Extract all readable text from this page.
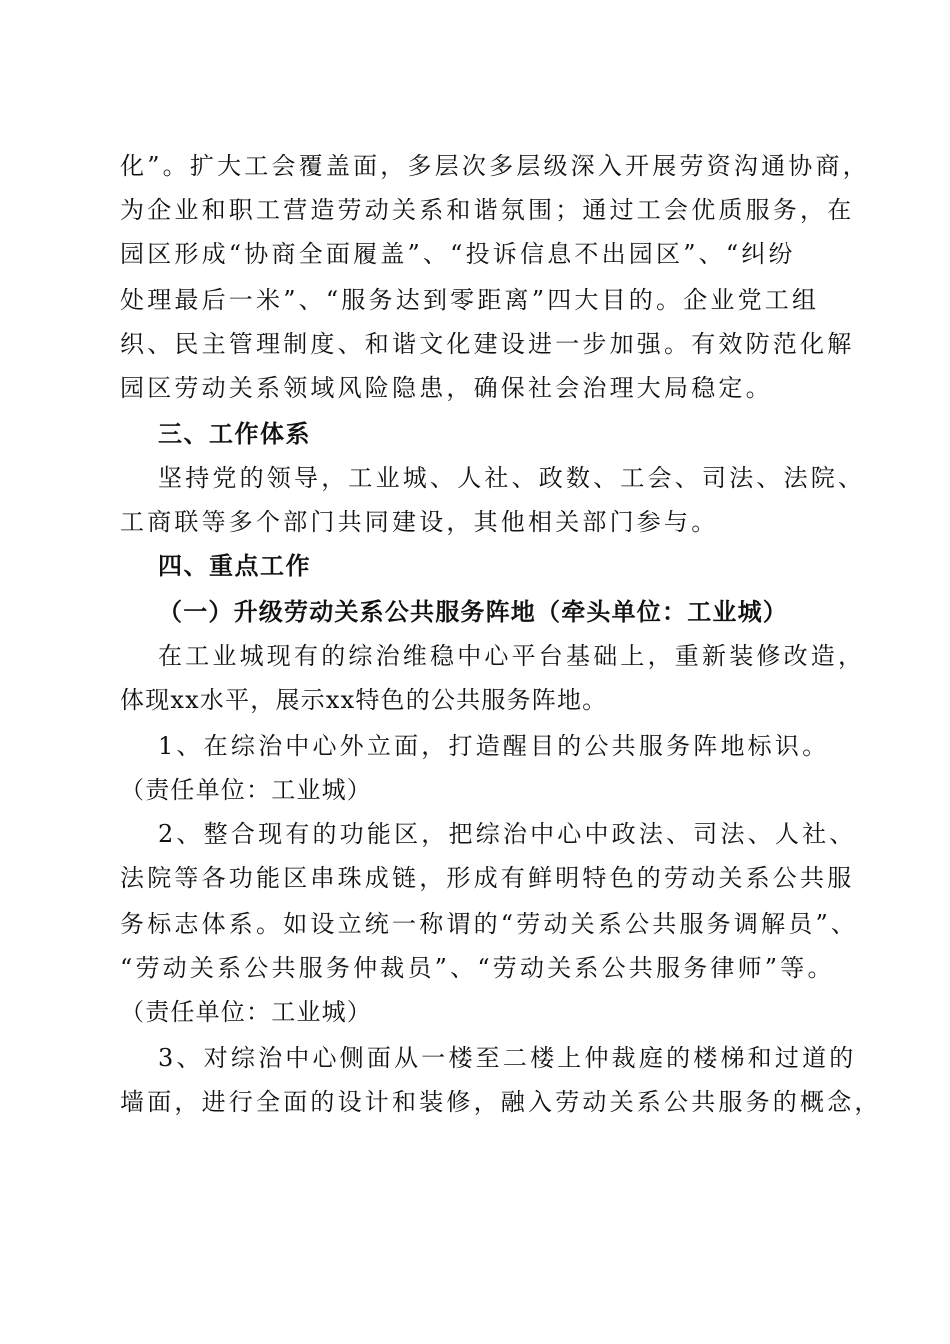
化”。扩大工会覆盖面，多层次多层级深入开展劳资沟通协商，
为企业和职工营造劳动关系和谐氛围；通过工会优质服务，在
园区形成“协商全面履盖”、“投诉信息不出园区”、“纠纷
处理最后一米”、“服务达到零距离”四大目的。企业党工组
织、民主管理制度、和谐文化建设进一步加强。有效防范化解
园区劳动关系领域风险隐患，确保社会治理大局稳定。
三、工作体系
坚持党的领导，工业城、人社、政数、工会、司法、法院、
工商联等多个部门共同建设，其他相关部门参与。
四、重点工作
（一）升级劳动关系公共服务阵地（牵头单位：工业城）
在工业城现有的综治维稳中心平台基础上，重新装修改造，
体现xx水平，展示xx特色的公共服务阵地。
1、在综治中心外立面，打造醒目的公共服务阵地标识。
（责任单位：工业城）
2、整合现有的功能区，把综治中心中政法、司法、人社、
法院等各功能区串珠成链，形成有鲜明特色的劳动关系公共服
务标志体系。如设立统一称谓的“劳动关系公共服务调解员”、
“劳动关系公共服务仲裁员”、“劳动关系公共服务律师”等。
（责任单位：工业城）
3、对综治中心侧面从一楼至二楼上仲裁庭的楼梯和过道的
墙面，进行全面的设计和装修，融入劳动关系公共服务的概念，
